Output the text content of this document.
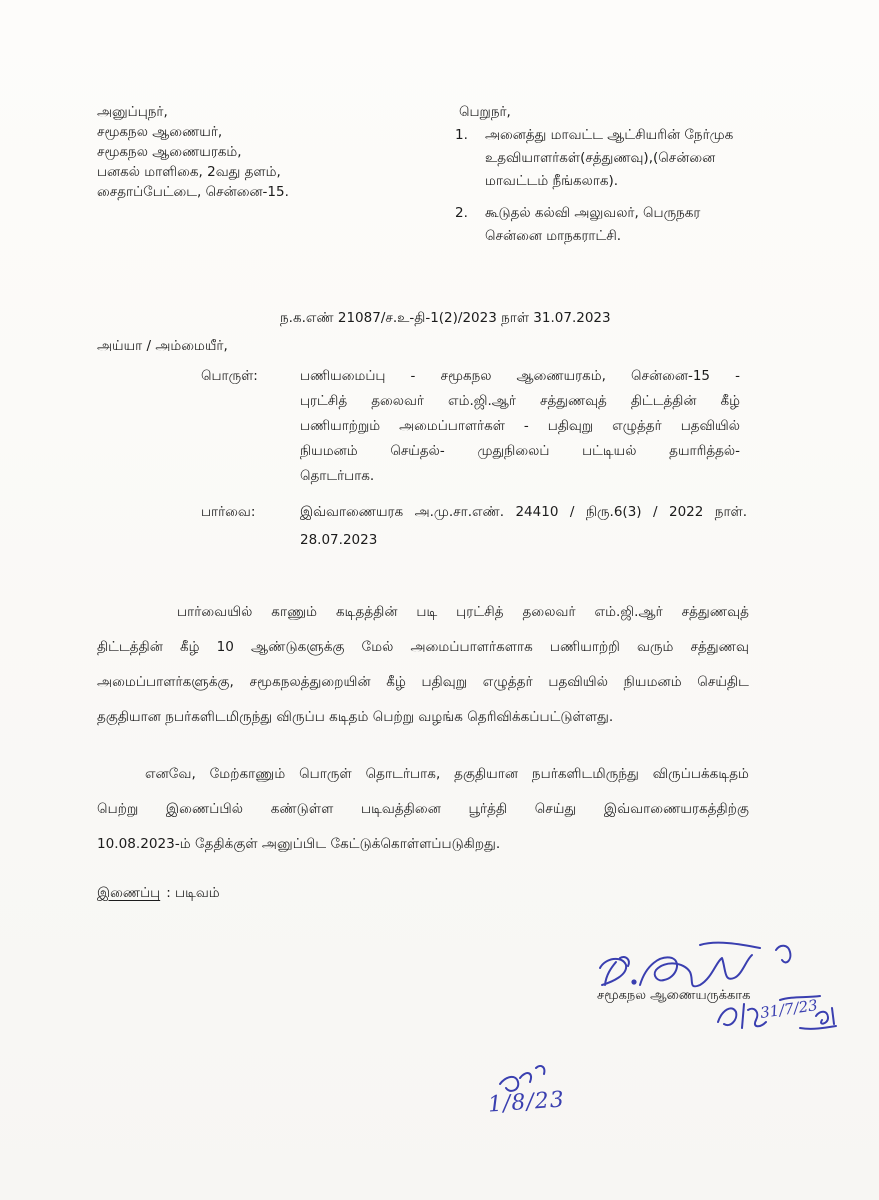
அனுப்புநர்,
சமூகநல ஆணையர்,
சமூகநல ஆணையரகம்,
பனகல் மாளிகை, 2வது தளம்,
சைதாப்பேட்டை, சென்னை-15.
பெறுநர்,
1. அனைத்து மாவட்ட ஆட்சியரின் நேர்முக
உதவியாளர்கள்(சத்துணவு),(சென்னை
மாவட்டம் நீங்கலாக).
2. கூடுதல் கல்வி அலுவலர், பெருநகர
சென்னை மாநகராட்சி.
ந.க.எண் 21087/ச.உ-தி-1(2)/2023 நாள் 31.07.2023
அய்யா / அம்மையீர்,
பொருள்:	பணியமைப்பு - சமூகநல ஆணையரகம், சென்னை-15 -
புரட்சித் தலைவர் எம்.ஜி.ஆர் சத்துணவுத் திட்டத்தின் கீழ்
பணியாற்றும் அமைப்பாளர்கள் - பதிவுறு எழுத்தர் பதவியில்
நியமனம் செய்தல்- முதுநிலைப் பட்டியல் தயாரித்தல்-
தொடர்பாக.
பார்வை:	இவ்வாணையரக அ.மு.சா.எண். 24410 / நிரு.6(3) / 2022 நாள்.
28.07.2023
பார்வையில் காணும் கடிதத்தின் படி புரட்சித் தலைவர் எம்.ஜி.ஆர் சத்துணவுத்
திட்டத்தின் கீழ் 10 ஆண்டுகளுக்கு மேல் அமைப்பாளர்களாக பணியாற்றி வரும் சத்துணவு
அமைப்பாளர்களுக்கு, சமூகநலத்துறையின் கீழ் பதிவுறு எழுத்தர் பதவியில் நியமனம் செய்திட
தகுதியான நபர்களிடமிருந்து விருப்ப கடிதம் பெற்று வழங்க தெரிவிக்கப்பட்டுள்ளது.
எனவே, மேற்காணும் பொருள் தொடர்பாக, தகுதியான நபர்களிடமிருந்து விருப்பக்கடிதம்
பெற்று இணைப்பில் கண்டுள்ள படிவத்தினை பூர்த்தி செய்து இவ்வாணையரகத்திற்கு
10.08.2023-ம் தேதிக்குள் அனுப்பிட கேட்டுக்கொள்ளப்படுகிறது.
இணைப்பு : படிவம்
சமூகநல ஆணையருக்காக
31/7/23
1/8/23
